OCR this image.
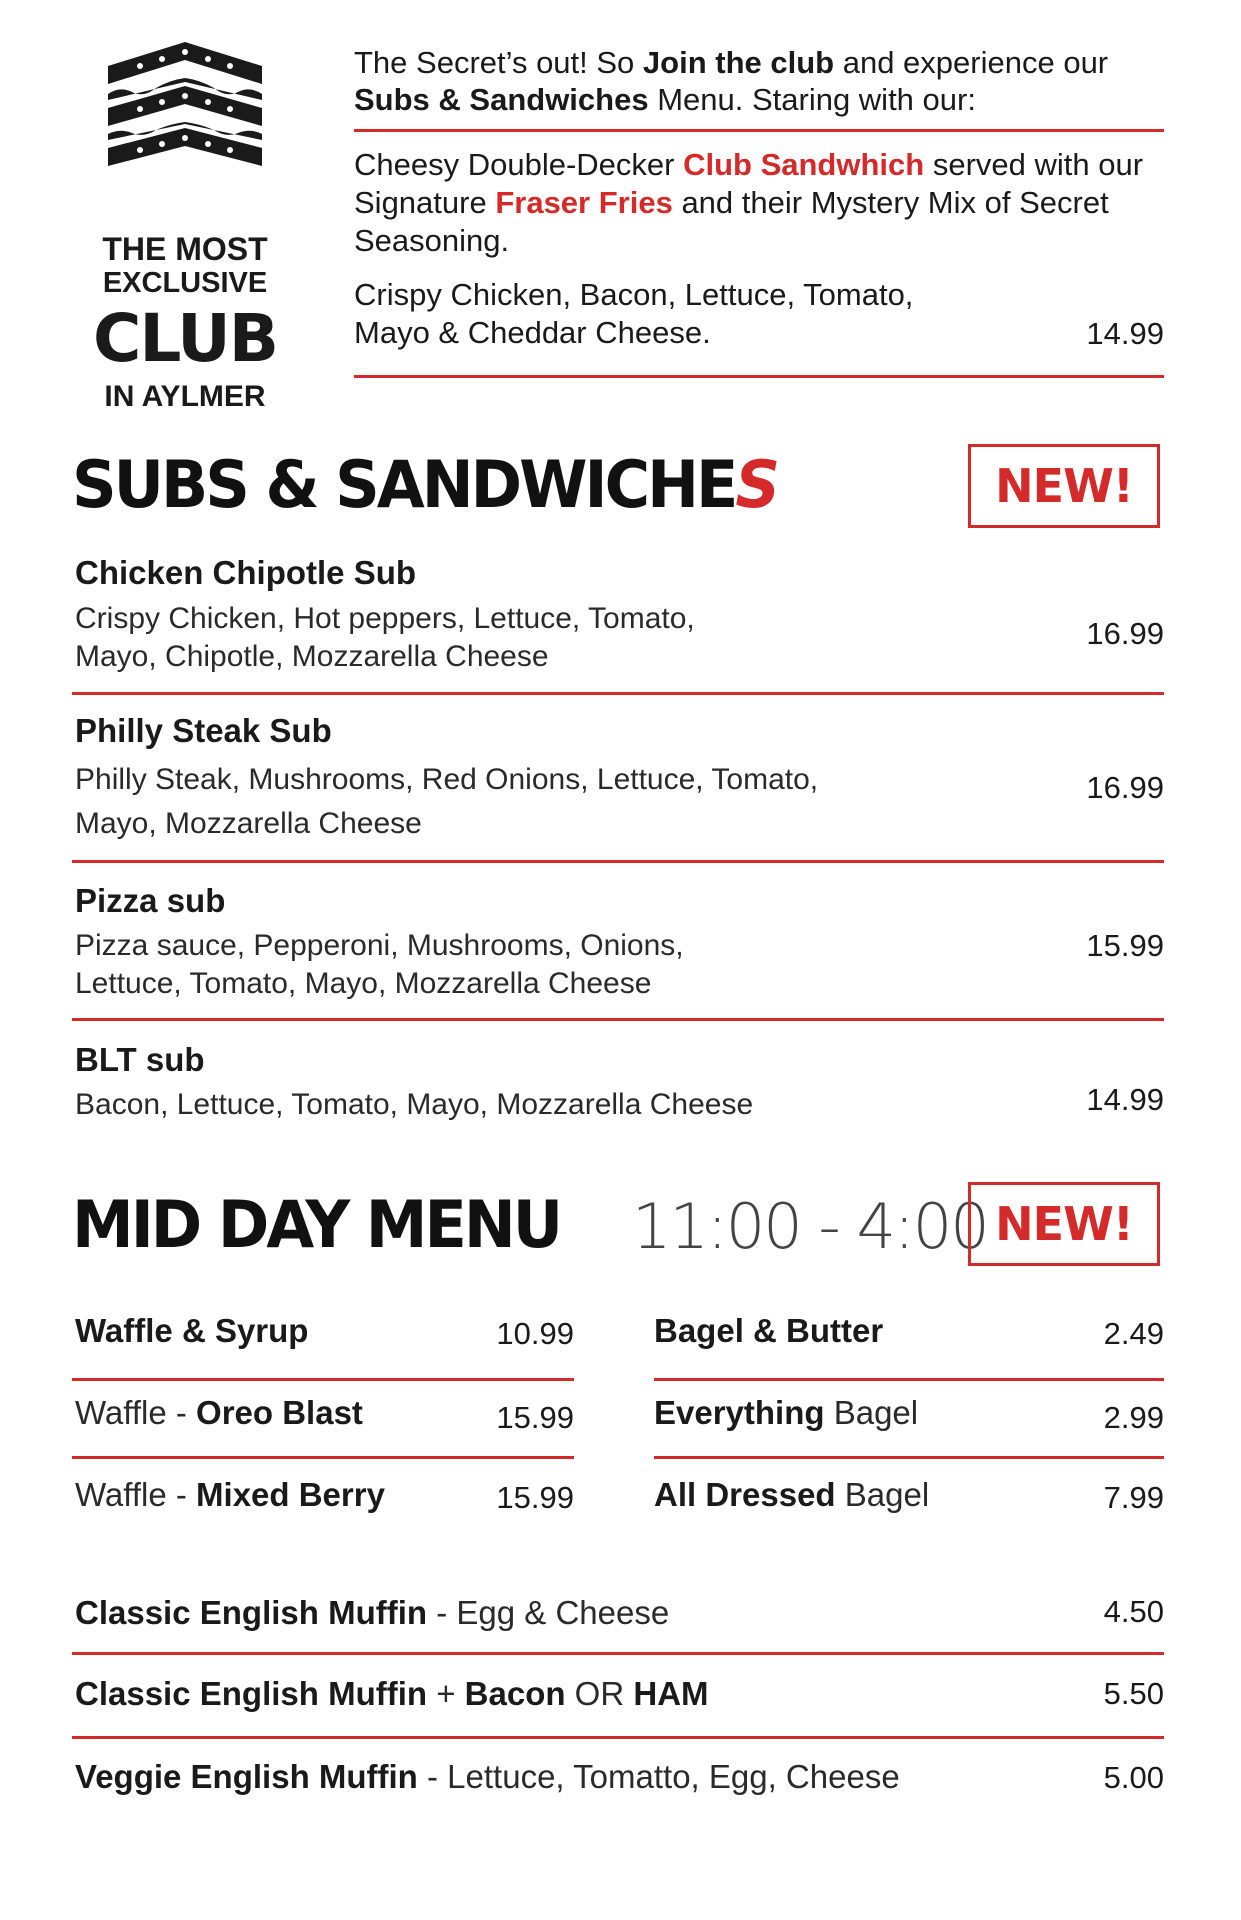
THE MOST
EXCLUSIVE
CLUB
IN AYLMER
The Secret’s out! So Join the club and experience our
Subs & Sandwiches Menu. Staring with our:
Cheesy Double-Decker Club Sandwhich served with our
Signature Fraser Fries and their Mystery Mix of Secret
Seasoning.
Crispy Chicken, Bacon, Lettuce, Tomato,
Mayo & Cheddar Cheese.	14.99
SUBS & SANDWICHES	NEW!
Chicken Chipotle Sub
Crispy Chicken, Hot peppers, Lettuce, Tomato,
Mayo, Chipotle, Mozzarella Cheese
16.99
Philly Steak Sub
Philly Steak, Mushrooms, Red Onions, Lettuce, Tomato,
Mayo, Mozzarella Cheese
16.99
Pizza sub
Pizza sauce, Pepperoni, Mushrooms, Onions,
Lettuce, Tomato, Mayo, Mozzarella Cheese
15.99
BLT sub
Bacon, Lettuce, Tomato, Mayo, Mozzarella Cheese	14.99
MID DAY MENU 11:00 - 4:00 NEW!
Waffle & Syrup	10.99
Waffle - Oreo Blast	15.99
Waffle - Mixed Berry	15.99
Bagel & Butter	2.49
Everything Bagel	2.99
All Dressed Bagel	7.99
Classic English Muffin - Egg & Cheese	4.50
Classic English Muffin + Bacon OR HAM	5.50
Veggie English Muffin - Lettuce, Tomatto, Egg, Cheese	5.00
